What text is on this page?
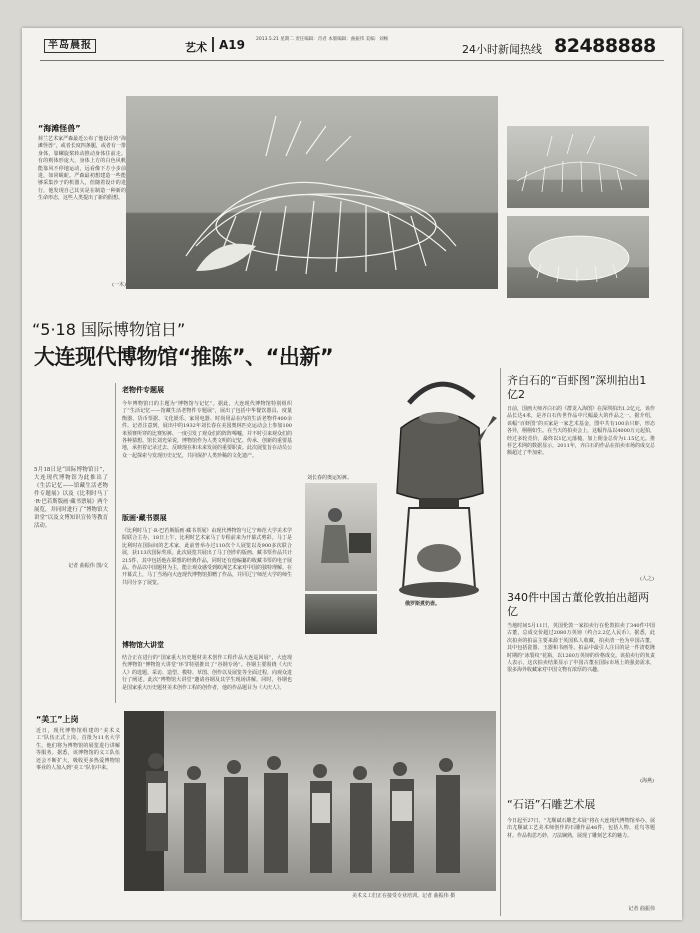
半岛晨报	艺术 A19 2013.5.21 星期二 责任编辑：肖君 本版编辑：曲振伟 美编：刘畅
24小时新闻热线 82488888
“海滩怪兽”
荷兰艺术家严森最近公布了他设计的“海滩怪兽”，或者长度四条腿，或者有一排身体，靠螺旋桨转动推动身体往前走。有的则体形庞大，身体上方的白色风帆能靠风不停地运动，远看像下方小步前进，如同蜕蛇。严森最初想建造一些能够采集沙子的机器人，但随着设计的进行，他发现自己其实是在制造一种新的生命形态，这些人类提出了新的假想。
(一木)
“5·18 国际博物馆日”
大连现代博物馆“推陈”、“出新”
5月18日是“国际博物馆日”，大连现代博物馆为此推出了《生活记忆——馆藏生活老物件专题展》以及《比利时马丁·R·巴若斯版画·藏书票展》两个展览，并同时进行了“博物馆大讲堂”以及文博知识宣传等教育活动。
记者 曲振伟 图/文
老物件专题展
今年博物馆日的主题为“博物馆与记忆”。据此，大连现代博物馆特别组织了“生活记忆——馆藏生活老物件专题展”，展出了包括中华餐饮器具、度量衡器、货币票据、文化娱乐、家用电器、时尚用品在内的生活老物件400余件。记者注意到，展出中的1932年刘长春在美国奥林匹克运动会上参加100米预赛所穿的比赛短裤、一度引发了观众们的阵阵唏嘘，并不时引来观众们的各种猜想。馆长刘光荣说，博物馆作为人类文明的记忆、传承、创新的重要基地，承担着记录过去、反映现在和未来发展的重要职责。此次展览旨在动员公众一起探索与发现历史记忆，共同保护人类珍稀的文化遗产。
版画·藏书票展
《比利时马丁·R·巴若斯版画·藏书票展》由现代博物馆与辽宁师范大学美术学院联合主办，18日上午，比利时艺术家马丁专程前来为开幕式剪彩。马丁是比利时在国际间的艺术家，此前曾举办过110次个人展览以及900多次联合展，获113次国际奖项。此次展览共展出了马丁创作的版画、藏书票作品共计215件，其中包括他在联想的经典作品，同时还有他编纂的收藏书票的电子展品。作品以中国题材为主，能让观众感受到欧洲艺术家对中国的独特理解。在开幕式上，马丁当场向大连现代博物馆捐赠了作品，并同辽宁师范大学的师生共同分享了展览。
博物馆大讲堂
结合正在进行的“国家重大历史题材美术创作工程作品大连巡回展”，大连现代博物馆“博物馆大讲堂”环节特别推出了“谷钢专场”。谷钢主要围绕《大庆人》的选题、采访、造型、模特、草图、创作以及展览等全面过程，向观众进行了阐述。此次“博物馆大讲堂”邀请谷钢及其学生现场讲解，同时，谷钢也是国家重大历史题材美术创作工程的创作者，他的作品题目为《大庆人》。
刘长春的奥运短裤。
俄罗斯煮奶壶。
齐白石的“百虾图”深圳拍出1亿2
日前，国画大师齐白石的《群龙入海图》在深圳拍出1.2亿元，该作品长达4米，是齐白石传世作品中尺幅最大的作品之一。据介绍，该幅“百虾图”的买家是一家艺术基金，图中共有100余只虾，形态各异，栩栩如生。在当天的拍卖会上，这幅作品以4000万元起拍，经过多轮竞价，最终以1亿元落槌，加上佣金总价为1.15亿元。推荐艺术网的数据显示，2011年，齐白石的作品在拍卖市场的成交总额超过了毕加索。
(人之)
340件中国古董伦敦拍出超两亿
当地时间5月11日，英国伦敦一家拍卖行在伦敦拍卖了340件中国古董，总成交价超过2080万英镑（约合2.2亿人民币）。据悉，此次拍卖的拍品主要来源于英国私人收藏，拍卖清一色为中国古董，其中包括瓷器、玉器和书画等。拍品中最引人注目的是一件清乾隆时期的“冰裂纹”花瓶，以1260万英镑的价格成交。该拍卖行的负责人表示，这次拍卖结果显示了中国古董在国际市场上的强劲需求，很多海外收藏家对中国文物有浓厚的兴趣。
(海燕)
“石语”石雕艺术展
今日起至27日，“尤顺斌石雕艺术展”将在大连现代博物馆举办。展出尤顺斌工艺美术师创作的石雕作品46件，包括人物、花鸟等题材。作品构思巧妙，刀法娴熟，展现了雕刻艺术的魅力。
记者 曲振伟
“美工”上岗
近日，现代博物馆组建的“美术义工”队伍正式上岗，首批为11名大学生，他们将为博物馆的展览进行讲解等服务。据悉，该博物馆的义工队伍还会不断扩大，吸收更多热爱博物馆事业的人加入到“美工”队伍中来。
美术义工们正在接受专业培训。记者 曲振伟 摄
